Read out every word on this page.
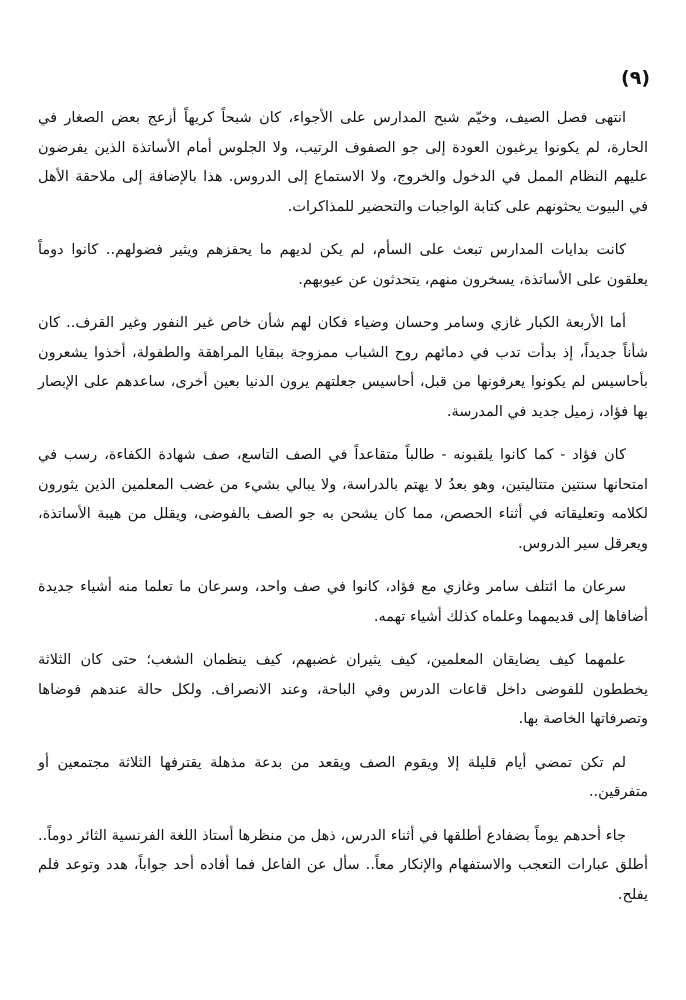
(٩)

انتهى فصل الصيف، وخيّم شبح المدارس على الأجواء، كان شبحاً كريهاً أزعج بعض الصغار في الحارة، لم يكونوا يرغبون العودة إلى جو الصفوف الرتيب، ولا الجلوس أمام الأساتذة الذين يفرضون عليهم النظام الممل في الدخول والخروج، ولا الاستماع إلى الدروس. هذا بالإضافة إلى ملاحقة الأهل في البيوت يحثونهم على كتابة الواجبات والتحضير للمذاكرات.

كانت بدايات المدارس تبعث على السأم، لم يكن لديهم ما يحفزهم ويثير فضولهم.. كانوا دوماً يعلقون على الأساتذة، يسخرون منهم، يتحدثون عن عيوبهم.

أما الأربعة الكبار غازي وسامر وحسان وضياء فكان لهم شأن خاص غير النفور وغير القرف.. كان شأناً جديداً، إذ بدأت تدب في دمائهم روح الشباب ممزوجة ببقايا المراهقة والطفولة، أخذوا يشعرون بأحاسيس لم يكونوا يعرفونها من قبل، أحاسيس جعلتهم يرون الدنيا بعين أخرى، ساعدهم على الإبصار بها فؤاد، زميل جديد في المدرسة.

كان فؤاد - كما كانوا يلقبونه - طالباً متقاعداً في الصف التاسع، صف شهادة الكفاءة، رسب في امتحانها سنتين متتاليتين، وهو بعدُ لا يهتم بالدراسة، ولا يبالي بشيء من غضب المعلمين الذين يثورون لكلامه وتعليقاته في أثناء الحصص، مما كان يشحن به جو الصف بالفوضى، ويقلل من هيبة الأساتذة، ويعرقل سير الدروس.

سرعان ما ائتلف سامر وغازي مع فؤاد، كانوا في صف واحد، وسرعان ما تعلما منه أشياء جديدة أضافاها إلى قديمهما وعلماه كذلك أشياء تهمه.

علمهما كيف يضايقان المعلمين، كيف يثيران غضبهم، كيف ينظمان الشغب؛ حتى كان الثلاثة يخططون للفوضى داخل قاعات الدرس وفي الباحة، وعند الانصراف. ولكل حالة عندهم فوضاها وتصرفاتها الخاصة بها.

لم تكن تمضي أيام قليلة إلا ويقوم الصف ويقعد من بدعة مذهلة يقترفها الثلاثة مجتمعين أو متفرقين..

جاء أحدهم يوماً بضفادع أطلقها في أثناء الدرس، ذهل من منظرها أستاذ اللغة الفرنسية الثائر دوماً.. أطلق عبارات التعجب والاستفهام والإنكار معاً.. سأل عن الفاعل فما أفاده أحد جواباً، هدد وتوعد فلم يفلح.
